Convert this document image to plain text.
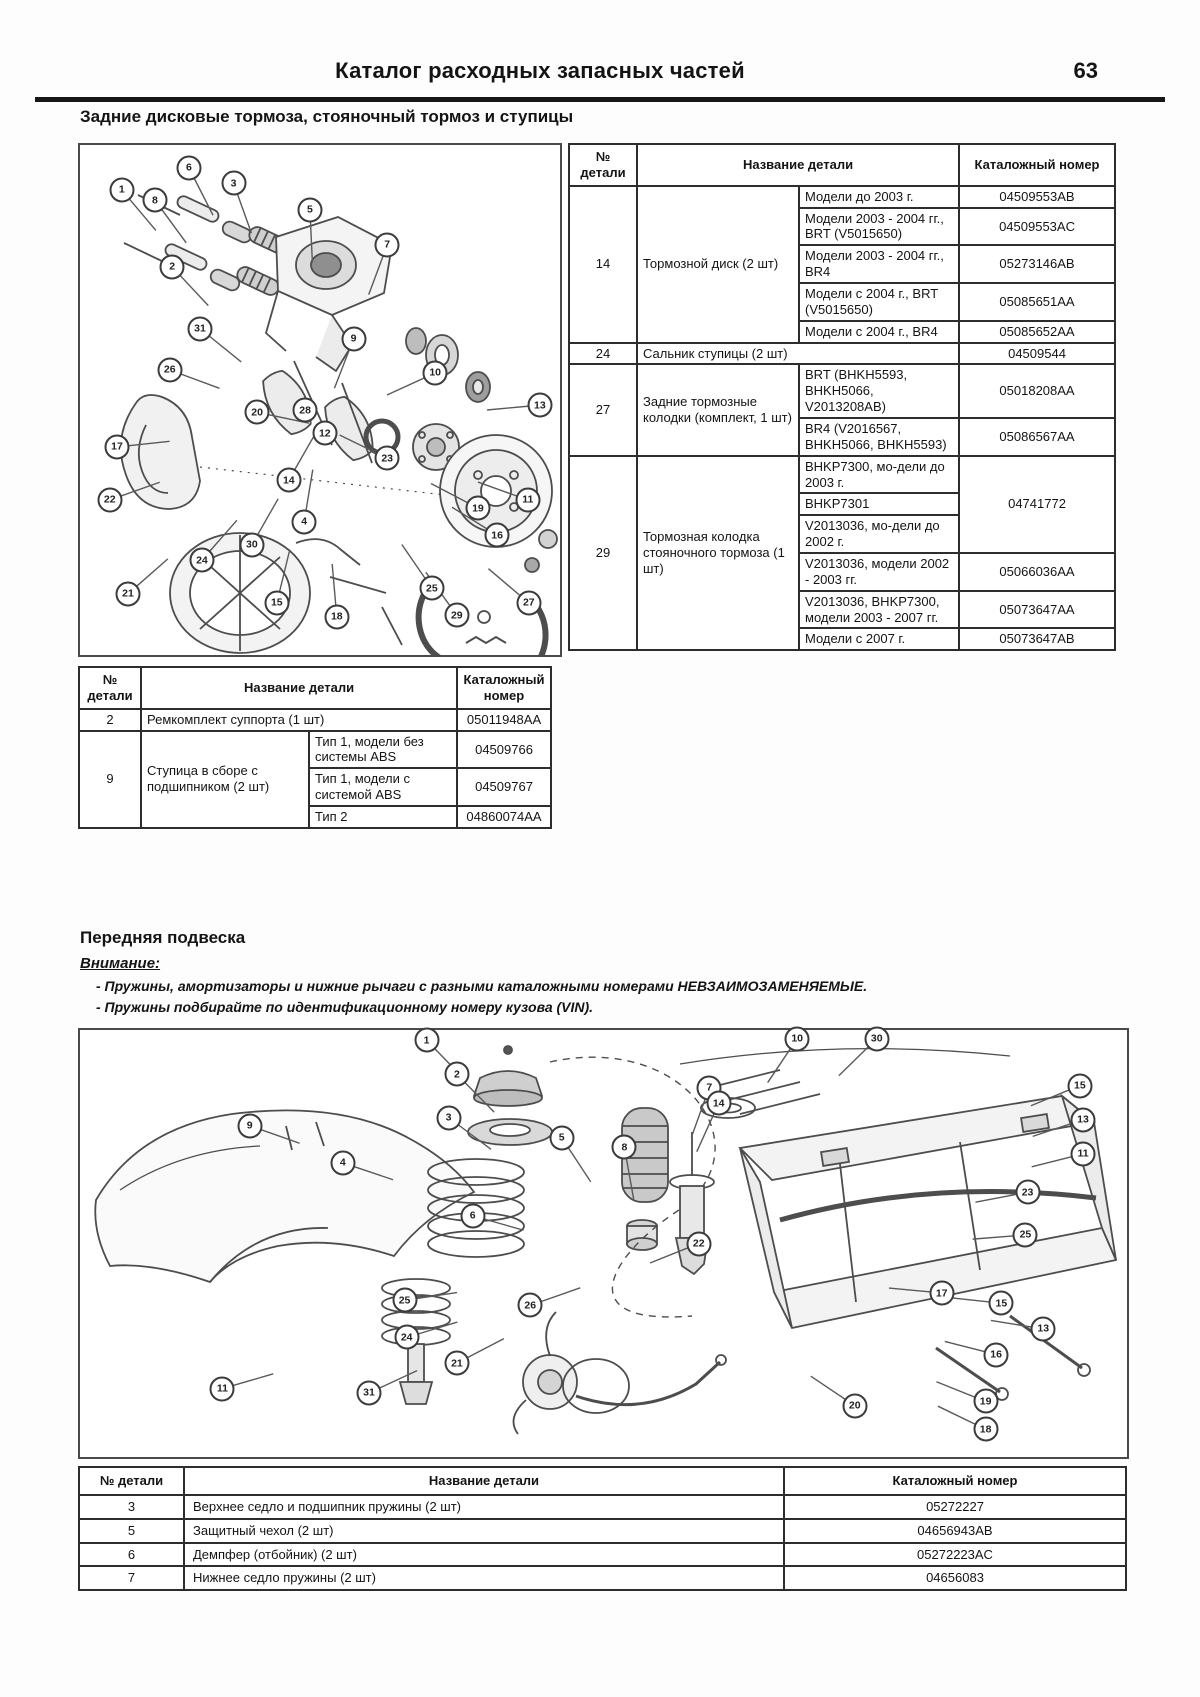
Каталог расходных запасных частей	63
Задние дисковые тормоза, стояночный тормоз и ступицы
1
6
3
8
5
7
2
9
31
26	10
13
20	28
12
17
23
14
22	11
19
4
16
30
24
25
21
15	27
18	29
№ детали	Название детали		Каталожный номер
14	Тормозной диск (2 шт)	Модели до 2003 г.	04509553AB
		Модели 2003 - 2004 гг., BRT (V5015650)	04509553AC
		Модели 2003 - 2004 гг., BR4	05273146AB
		Модели с 2004 г., BRT (V5015650)	05085651AA
		Модели с 2004 г., BR4	05085652AA
24	Сальник ступицы (2 шт)		04509544
27	Задние тормозные колодки (комплект, 1 шт)	BRT (BHKH5593, BHKH5066, V2013208AB)	05018208AA
		BR4 (V2016567, BHKH5066, BHKH5593)	05086567AA
29	Тормозная колодка стояночного тормоза (1 шт)	BHKP7300, мо-дели до 2003 г.	04741772
		BHKP7301	
		V2013036, мо-дели до 2002 г.	
		V2013036, модели 2002 - 2003 гг.	05066036AA
		V2013036, BHKP7300, модели 2003 - 2007 гг.	05073647AA
		Модели с 2007 г.	05073647AB
№ детали	Название детали		Каталожный номер
2	Ремкомплект суппорта (1 шт)		05011948AA
9	Ступица в сборе с подшипником (2 шт)	Тип 1, модели без системы ABS	04509766
		Тип 1, модели с системой ABS	04509767
		Тип 2	04860074AA
Передняя подвеска
Внимание:
- Пружины, амортизаторы и нижние рычаги с разными каталожными номерами НЕВЗАИМОЗАМЕНЯЕМЫЕ.
- Пружины подбирайте по идентификационному номеру кузова (VIN).
1
2
3
9
5
4
6
7
8
10	30
14
15
13
11
23
25
15
13
16
19
18
20
17
22
21
26
25
24
31
11
№ детали	Название детали	Каталожный номер
3	Верхнее седло и подшипник пружины (2 шт)	05272227
5	Защитный чехол (2 шт)	04656943AB
6	Демпфер (отбойник) (2 шт)	05272223AC
7	Нижнее седло пружины (2 шт)	04656083
